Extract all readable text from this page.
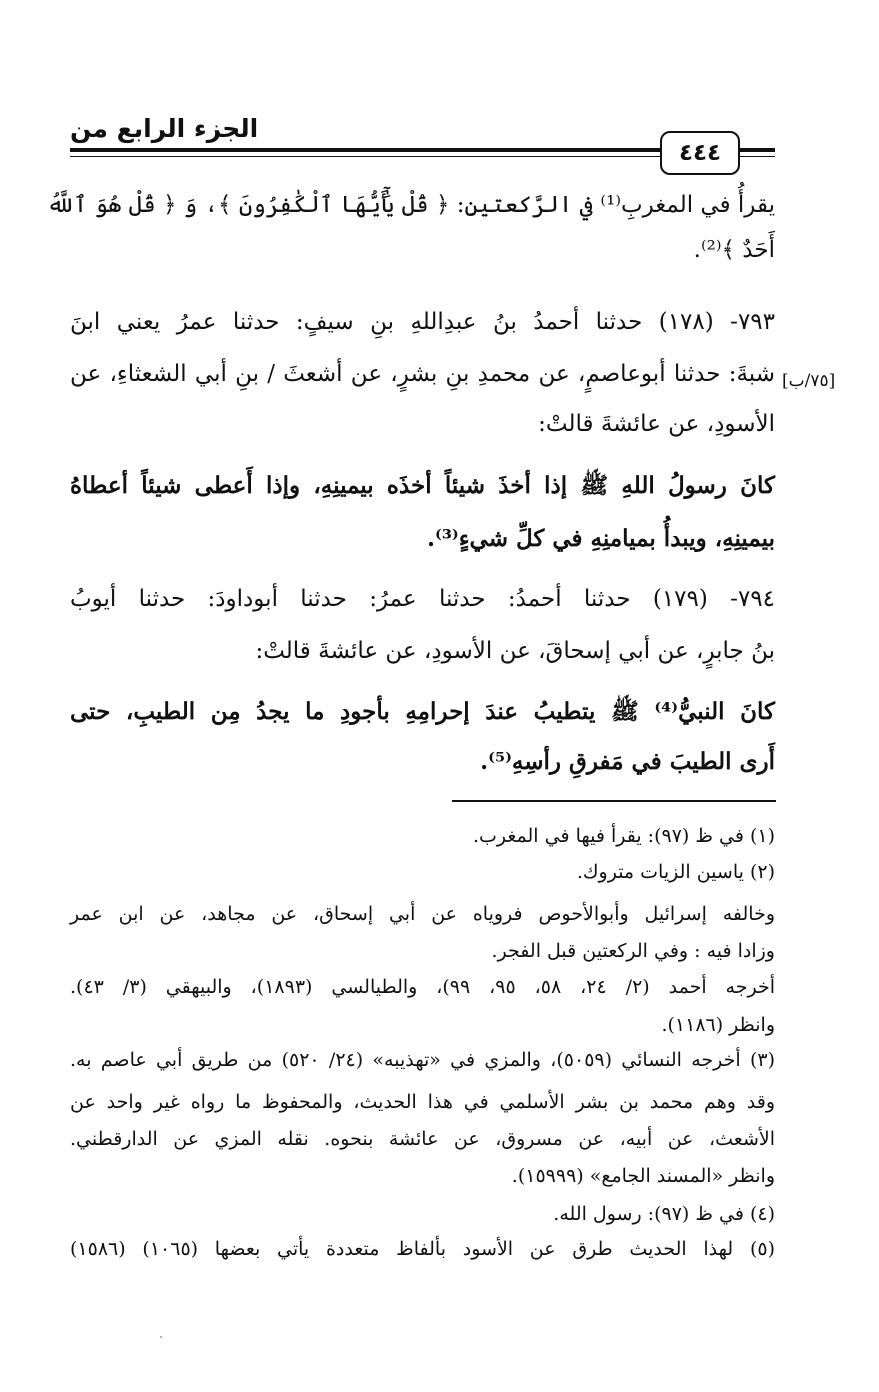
الجزء الرابع من
٤٤٤
يقرأُ في المغربِ⁽¹⁾ في الرَّكعتينِ: ﴿ قُلْ يَٰٓأَيُّهَا ٱلْكَٰفِرُونَ ﴾، وَ ﴿ قُلْ هُوَ ٱللَّهُ
أَحَدٌ ﴾⁽²⁾.
٧٩٣- (١٧٨) حدثنا أحمدُ بنُ عبدِاللهِ بنِ سيفٍ: حدثنا عمرُ يعني ابنَ
شبةَ: حدثنا أبوعاصمٍ، عن محمدِ بنِ بشرٍ، عن أشعثَ / بنِ أبي الشعثاءِ، عن [٧٥/ب]
الأسودِ، عن عائشةَ قالتْ:
كانَ رسولُ اللهِ ﷺ إذا أخذَ شيئاً أخذَه بيمينِهِ، وإذا أَعطى شيئاً أعطاهُ
بيمينِهِ، ويبدأُ بميامنِهِ في كلِّ شيءٍ⁽³⁾.
٧٩٤- (١٧٩) حدثنا أحمدُ: حدثنا عمرُ: حدثنا أبوداودَ: حدثنا أيوبُ
بنُ جابرٍ، عن أبي إسحاقَ، عن الأسودِ، عن عائشةَ قالتْ:
كانَ النبيُّ⁽⁴⁾ ﷺ يتطيبُ عندَ إحرامِهِ بأجودِ ما يجدُ مِن الطيبِ، حتى
أَرى الطيبَ في مَفرقِ رأسِهِ⁽⁵⁾.
(١) في ظ (٩٧): يقرأ فيها في المغرب.
(٢) ياسين الزيات متروك.
وخالفه إسرائيل وأبوالأحوص فروياه عن أبي إسحاق، عن مجاهد، عن ابن عمر
وزادا فيه : وفي الركعتين قبل الفجر.
أخرجه أحمد (٢/ ٢٤، ٥٨، ٩٥، ٩٩)، والطيالسي (١٨٩٣)، والبيهقي (٣/ ٤٣).
وانظر (١١٨٦).
(٣) أخرجه النسائي (٥٠٥٩)، والمزي في «تهذيبه» (٢٤/ ٥٢٠) من طريق أبي عاصم به.
وقد وهم محمد بن بشر الأسلمي في هذا الحديث، والمحفوظ ما رواه غير واحد عن
الأشعث، عن أبيه، عن مسروق، عن عائشة بنحوه. نقله المزي عن الدارقطني.
وانظر «المسند الجامع» (١٥٩٩٩).
(٤) في ظ (٩٧): رسول الله.
(٥) لهذا الحديث طرق عن الأسود بألفاظ متعددة يأتي بعضها (١٠٦٥) (١٥٨٦)
